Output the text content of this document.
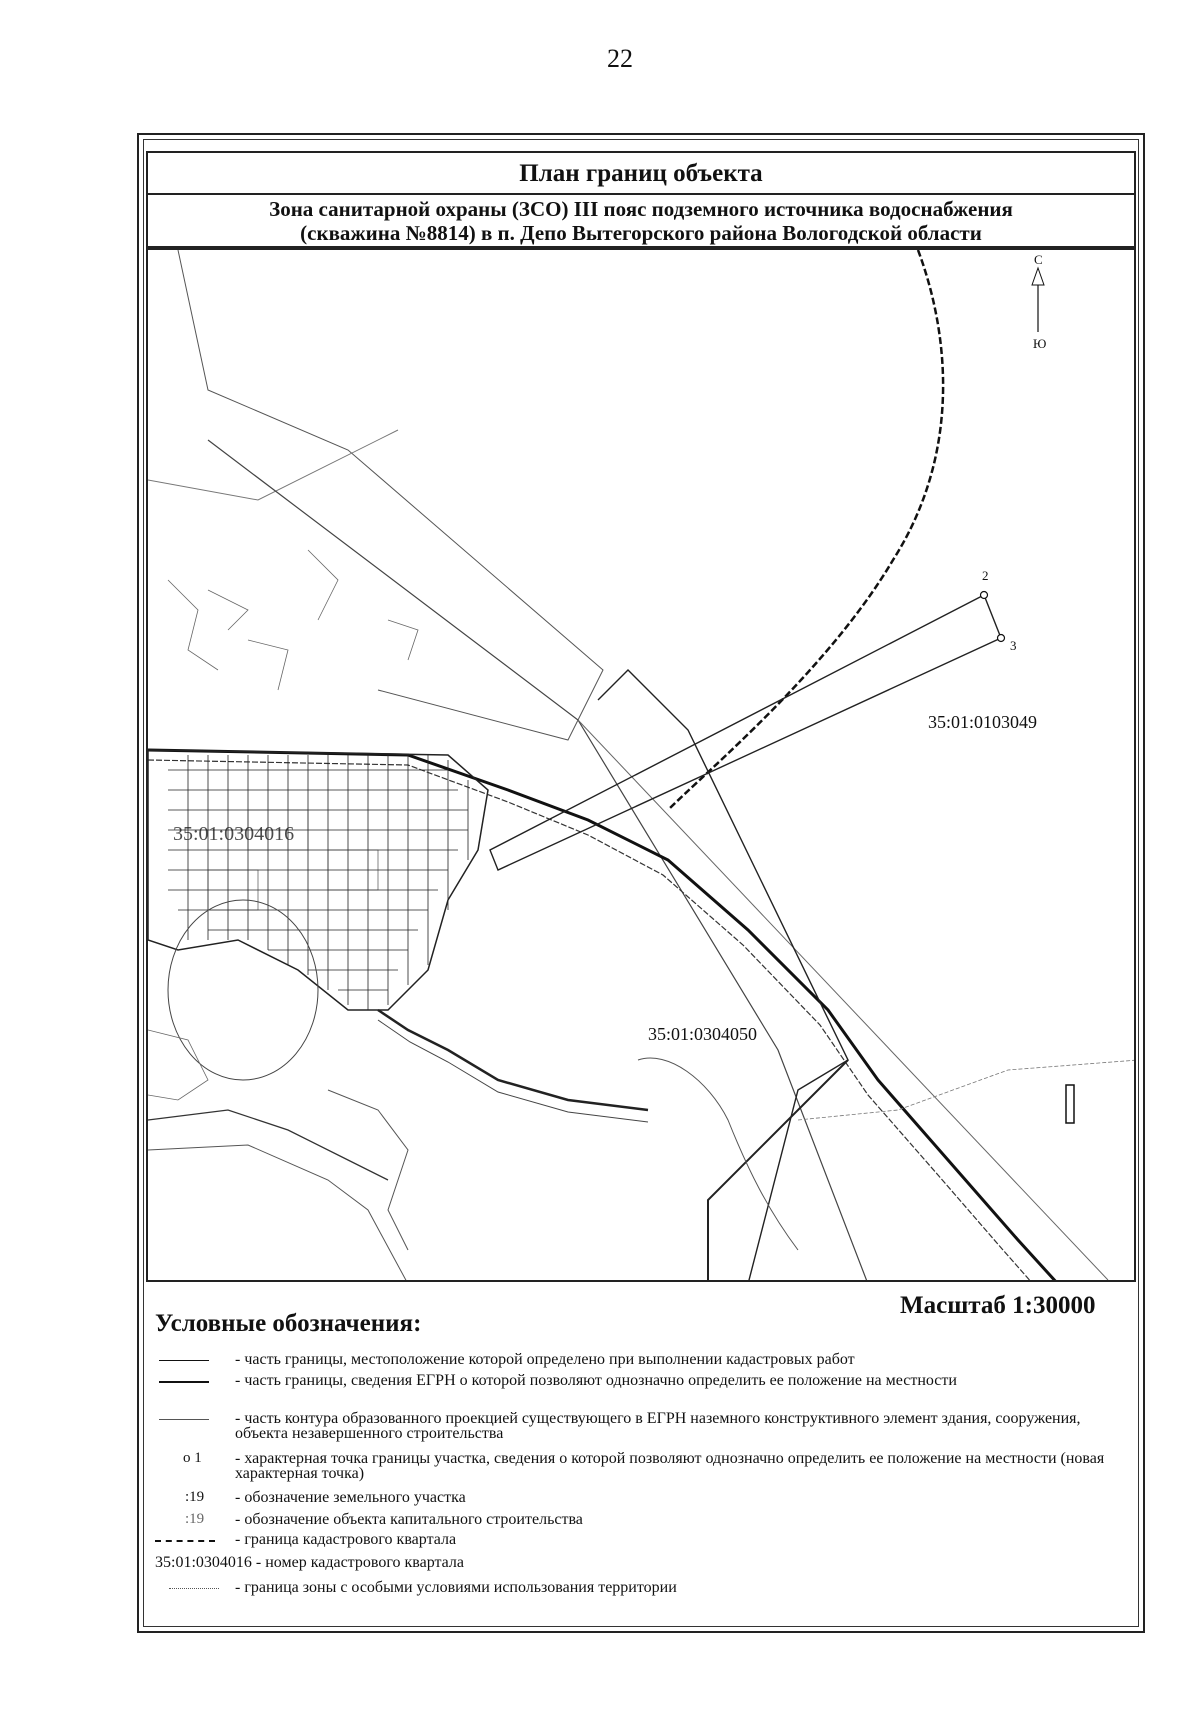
22
План границ объекта
Зона санитарной охраны (ЗСО) III пояс подземного источника водоснабжения
(скважина №8814) в п. Депо Вытегорского района Вологодской области
2
3
С
Ю
35:01:0103049
35:01:0304050
35:01:0304016
Масштаб 1:30000
Условные обозначения:
- часть границы, местоположение которой определено при выполнении кадастровых работ
- часть границы, сведения ЕГРН о которой позволяют однозначно определить ее положение на местности
- часть контура образованного проекцией существующего в ЕГРН наземного конструктивного элемент здания, сооружения, объекта незавершенного строительства
о 1 - характерная точка границы участка, сведения о которой позволяют однозначно определить ее положение на местности (новая характерная точка)
:19 - обозначение земельного участка
:19 - обозначение объекта капитального строительства
- граница кадастрового квартала
35:01:0304016 - номер кадастрового квартала
- граница зоны с особыми условиями использования территории
